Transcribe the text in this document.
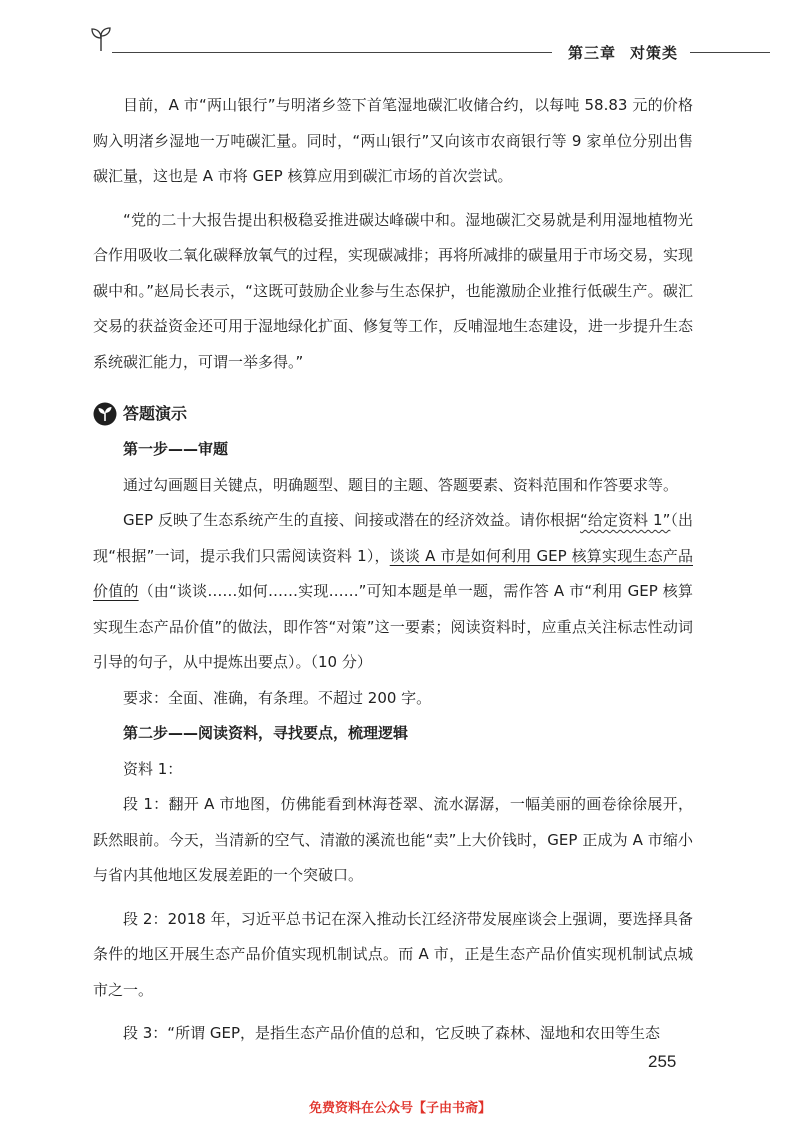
第三章 对策类

目前，A 市“两山银行”与明渚乡签下首笔湿地碳汇收储合约，以每吨 58.83 元的价格购入明渚乡湿地一万吨碳汇量。同时，“两山银行”又向该市农商银行等 9 家单位分别出售碳汇量，这也是 A 市将 GEP 核算应用到碳汇市场的首次尝试。

“党的二十大报告提出积极稳妥推进碳达峰碳中和。湿地碳汇交易就是利用湿地植物光合作用吸收二氧化碳释放氧气的过程，实现碳减排；再将所减排的碳量用于市场交易，实现碳中和。”赵局长表示，“这既可鼓励企业参与生态保护，也能激励企业推行低碳生产。碳汇交易的获益资金还可用于湿地绿化扩面、修复等工作，反哺湿地生态建设，进一步提升生态系统碳汇能力，可谓一举多得。”

答题演示

第一步——审题

通过勾画题目关键点，明确题型、题目的主题、答题要素、资料范围和作答要求等。

GEP 反映了生态系统产生的直接、间接或潜在的经济效益。请你根据“给定资料 1”（出现“根据”一词，提示我们只需阅读资料 1），谈谈 A 市是如何利用 GEP 核算实现生态产品价值的（由“谈谈……如何……实现……”可知本题是单一题，需作答 A 市“利用 GEP 核算实现生态产品价值”的做法，即作答“对策”这一要素；阅读资料时，应重点关注标志性动词引导的句子，从中提炼出要点）。（10 分）

要求：全面、准确，有条理。不超过 200 字。

第二步——阅读资料，寻找要点，梳理逻辑

资料 1：

段 1：翻开 A 市地图，仿佛能看到林海苍翠、流水潺潺，一幅美丽的画卷徐徐展开，跃然眼前。今天，当清新的空气、清澈的溪流也能“卖”上大价钱时，GEP 正成为 A 市缩小与省内其他地区发展差距的一个突破口。

段 2：2018 年，习近平总书记在深入推动长江经济带发展座谈会上强调，要选择具备条件的地区开展生态产品价值实现机制试点。而 A 市，正是生态产品价值实现机制试点城市之一。

段 3：“所谓 GEP，是指生态产品价值的总和，它反映了森林、湿地和农田等生态

255
免费资料在公众号【子由书斋】
